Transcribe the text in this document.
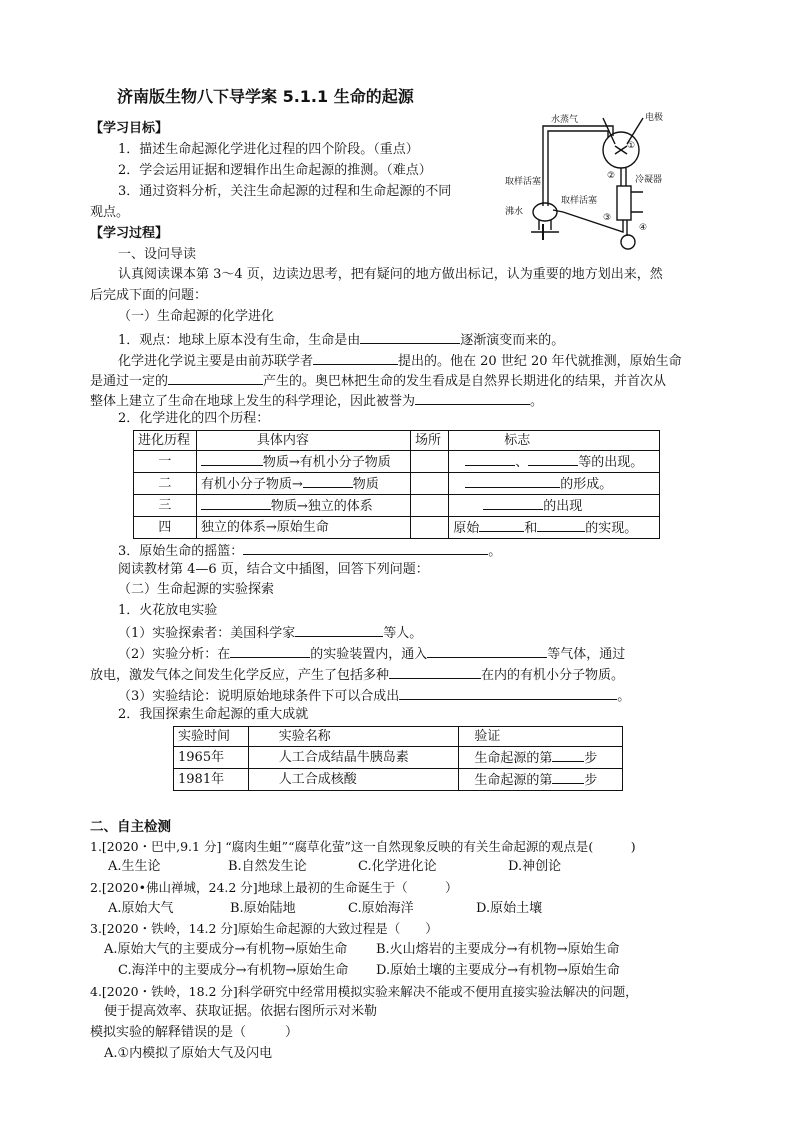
济南版生物八下导学案 5.1.1 生命的起源
【学习目标】
1．描述生命起源化学进化过程的四个阶段。（重点）
2．学会运用证据和逻辑作出生命起源的推测。（难点）
3．通过资料分析，关注生命起源的过程和生命起源的不同
观点。
水蒸气	电极
冷凝器
取样活塞
沸水
取样活塞
①
②
③
④
【学习过程】
一、设问导读
认真阅读课本第 3～4 页，边读边思考，把有疑问的地方做出标记，认为重要的地方划出来，然
后完成下面的问题：
（一）生命起源的化学进化
1．观点：地球上原本没有生命，生命是由	逐渐演变而来的。
化学进化学说主要是由前苏联学者	提出的。他在 20 世纪 20 年代就推测，原始生命
是通过一定的	产生的。奥巴林把生命的发生看成是自然界长期进化的结果，并首次从
整体上建立了生命在地球上发生的科学理论，因此被誉为	。
2．化学进化的四个历程：
进化历程	具体内容	场所	标志
一	物质→有机小分子物质		、 等的出现。
二	有机小分子物质→ 物质		的形成。
三	物质→独立的体系		的出现
四	独立的体系→原始生命		原始 和 的实现。
3．原始生命的摇篮：	。
阅读教材第 4—6 页，结合文中插图，回答下列问题：
（二）生命起源的实验探索
1．火花放电实验
（1）实验探索者：美国科学家	等人。
（2）实验分析：在	的实验装置内，通入	等气体，通过
放电，激发气体之间发生化学反应，产生了包括多种	在内的有机小分子物质。
（3）实验结论：说明原始地球条件下可以合成出	。
2．我国探索生命起源的重大成就
实验时间	实验名称	验证
1965年	人工合成结晶牛胰岛素	生命起源的第 步
1981年	人工合成核酸	生命起源的第 步
二、自主检测
1.[2020・巴中,9.1 分] “腐肉生蛆”“腐草化萤”这一自然现象反映的有关生命起源的观点是(　　　)
A.生生论	B.自然发生论	C.化学进化论	D.神创论
2.[2020•佛山禅城，24.2 分]地球上最初的生命诞生于（　　　）
A.原始大气	B.原始陆地	C.原始海洋	D.原始土壤
3.[2020・铁岭，14.2 分]原始生命起源的大致过程是（　　）
A.原始大气的主要成分→有机物→原始生命 B.火山熔岩的主要成分→有机物→原始生命
C.海洋中的主要成分→有机物→原始生命 D.原始土壤的主要成分→有机物→原始生命
4.[2020・铁岭，18.2 分]科学研究中经常用模拟实验来解决不能或不便用直接实验法解决的问题，
便于提高效率、获取证据。依据右图所示对米勒
模拟实验的解释错误的是（　　　）
A.①内模拟了原始大气及闪电
